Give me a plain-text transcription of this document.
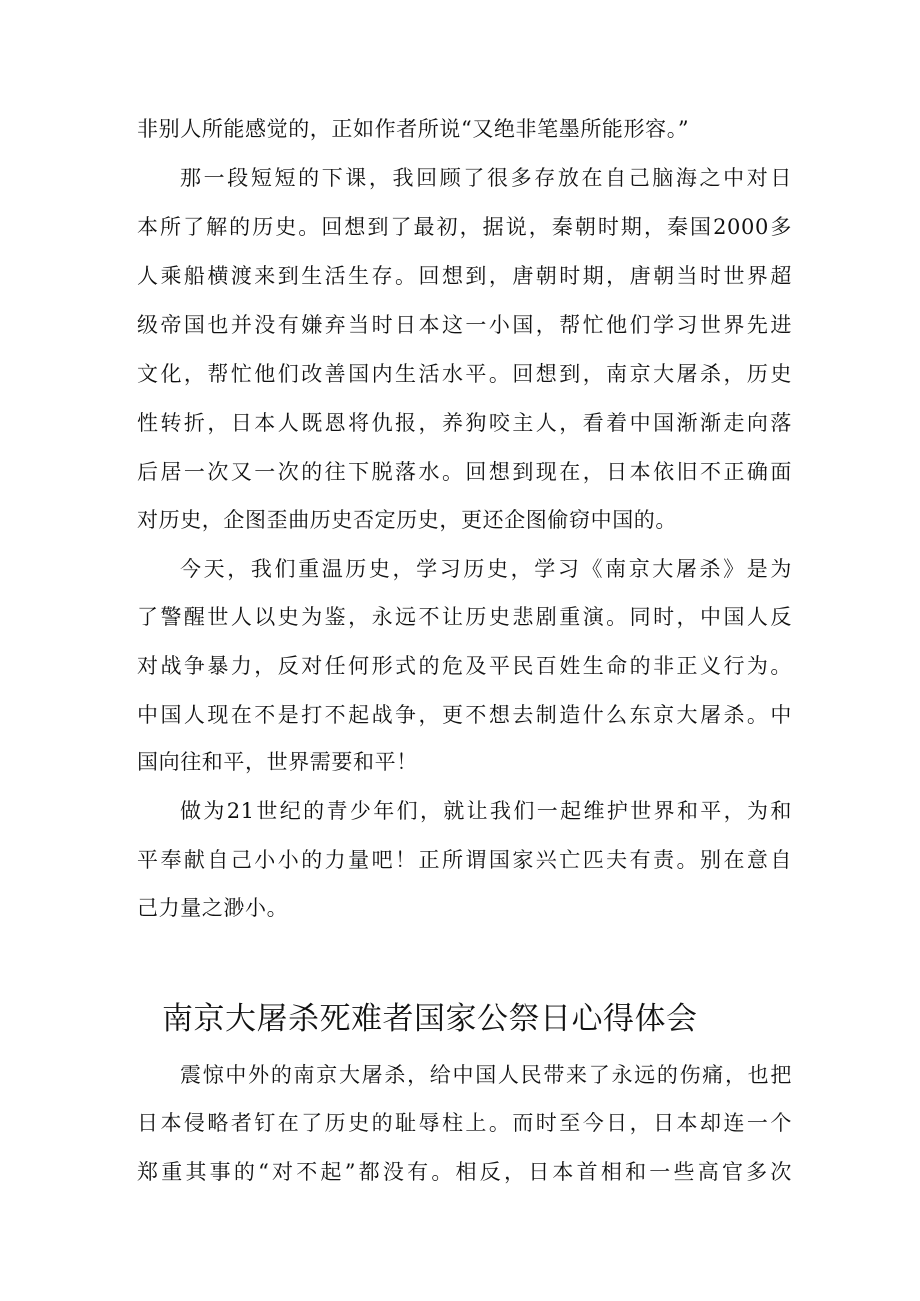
非别人所能感觉的，正如作者所说“又绝非笔墨所能形容。”
那一段短短的下课，我回顾了很多存放在自己脑海之中对日
本所了解的历史。回想到了最初，据说，秦朝时期，秦国2000多
人乘船横渡来到生活生存。回想到，唐朝时期，唐朝当时世界超
级帝国也并没有嫌弃当时日本这一小国，帮忙他们学习世界先进
文化，帮忙他们改善国内生活水平。回想到，南京大屠杀，历史
性转折，日本人既恩将仇报，养狗咬主人，看着中国渐渐走向落
后居一次又一次的往下脱落水。回想到现在，日本依旧不正确面
对历史，企图歪曲历史否定历史，更还企图偷窃中国的。
今天，我们重温历史，学习历史，学习《南京大屠杀》是为
了警醒世人以史为鉴，永远不让历史悲剧重演。同时，中国人反
对战争暴力，反对任何形式的危及平民百姓生命的非正义行为。
中国人现在不是打不起战争，更不想去制造什么东京大屠杀。中
国向往和平，世界需要和平！
做为21世纪的青少年们，就让我们一起维护世界和平，为和
平奉献自己小小的力量吧！正所谓国家兴亡匹夫有责。别在意自
己力量之渺小。
南京大屠杀死难者国家公祭日心得体会
震惊中外的南京大屠杀，给中国人民带来了永远的伤痛，也把
日本侵略者钉在了历史的耻辱柱上。而时至今日，日本却连一个
郑重其事的“对不起”都没有。相反，日本首相和一些高官多次
